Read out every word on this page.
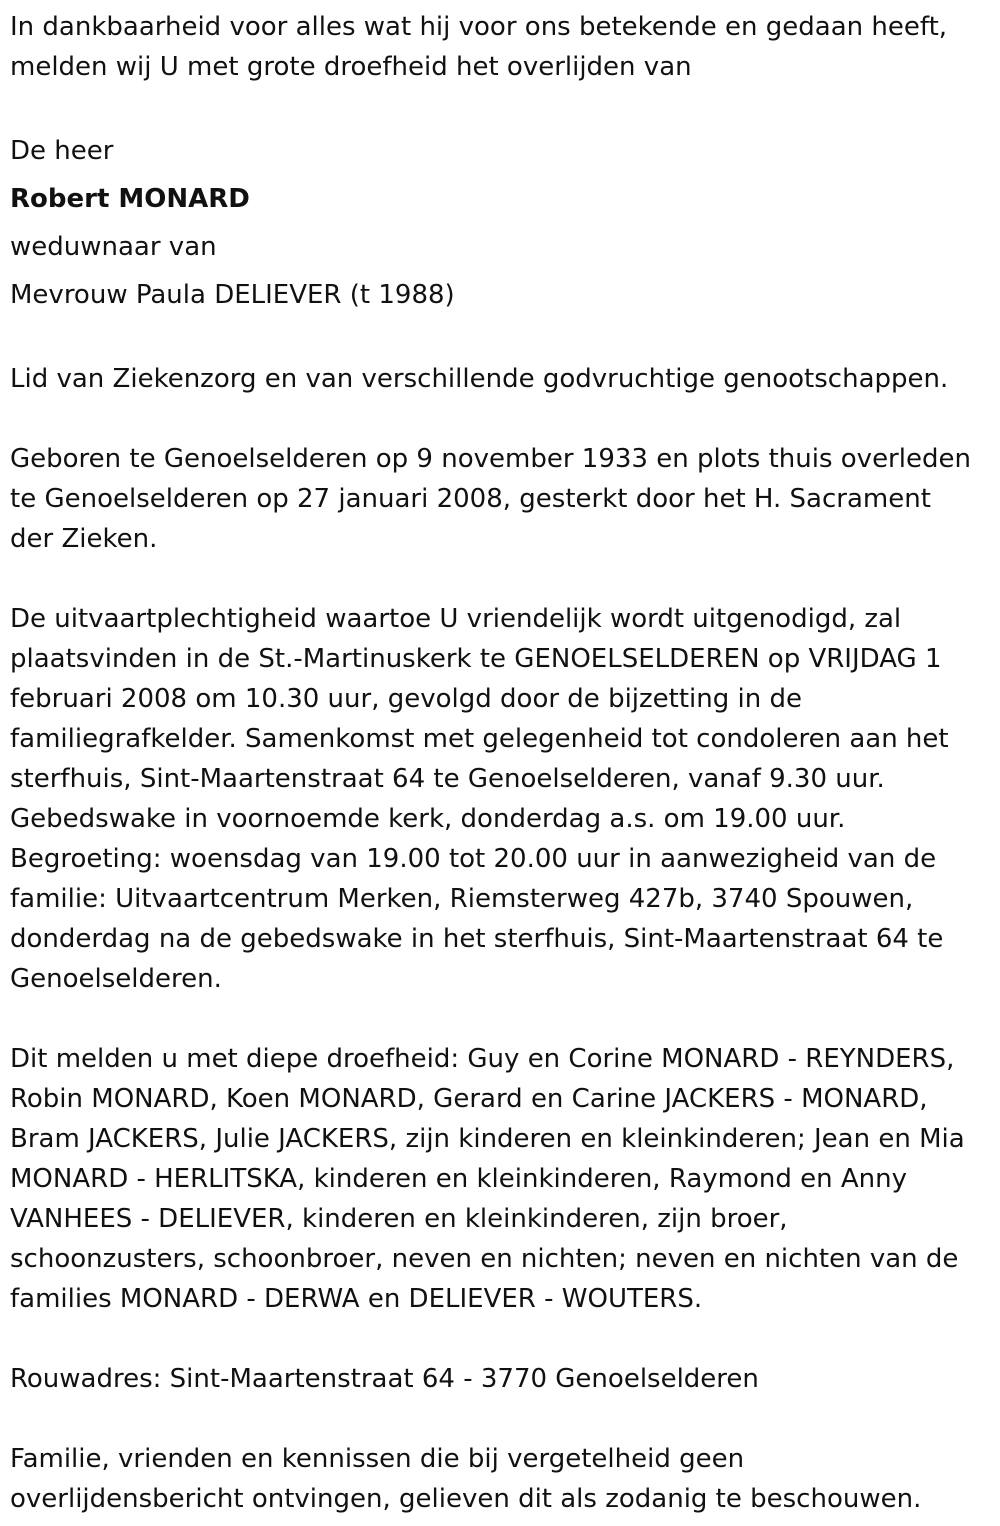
In dankbaarheid voor alles wat hij voor ons betekende en gedaan heeft,
melden wij U met grote droefheid het overlijden van

De heer

Robert MONARD

weduwnaar van

Mevrouw Paula DELIEVER (t 1988)

Lid van Ziekenzorg en van verschillende godvruchtige genootschappen.

Geboren te Genoelselderen op 9 november 1933 en plots thuis overleden
te Genoelselderen op 27 januari 2008, gesterkt door het H. Sacrament
der Zieken.

De uitvaartplechtigheid waartoe U vriendelijk wordt uitgenodigd, zal
plaatsvinden in de St.-Martinuskerk te GENOELSELDEREN op VRIJDAG 1
februari 2008 om 10.30 uur, gevolgd door de bijzetting in de
familiegrafkelder. Samenkomst met gelegenheid tot condoleren aan het
sterfhuis, Sint-Maartenstraat 64 te Genoelselderen, vanaf 9.30 uur.
Gebedswake in voornoemde kerk, donderdag a.s. om 19.00 uur.
Begroeting: woensdag van 19.00 tot 20.00 uur in aanwezigheid van de
familie: Uitvaartcentrum Merken, Riemsterweg 427b, 3740 Spouwen,
donderdag na de gebedswake in het sterfhuis, Sint-Maartenstraat 64 te
Genoelselderen.

Dit melden u met diepe droefheid: Guy en Corine MONARD - REYNDERS,
Robin MONARD, Koen MONARD, Gerard en Carine JACKERS - MONARD,
Bram JACKERS, Julie JACKERS, zijn kinderen en kleinkinderen; Jean en Mia
MONARD - HERLITSKA, kinderen en kleinkinderen, Raymond en Anny
VANHEES - DELIEVER, kinderen en kleinkinderen, zijn broer,
schoonzusters, schoonbroer, neven en nichten; neven en nichten van de
families MONARD - DERWA en DELIEVER - WOUTERS.

Rouwadres: Sint-Maartenstraat 64 - 3770 Genoelselderen

Familie, vrienden en kennissen die bij vergetelheid geen
overlijdensbericht ontvingen, gelieven dit als zodanig te beschouwen.
